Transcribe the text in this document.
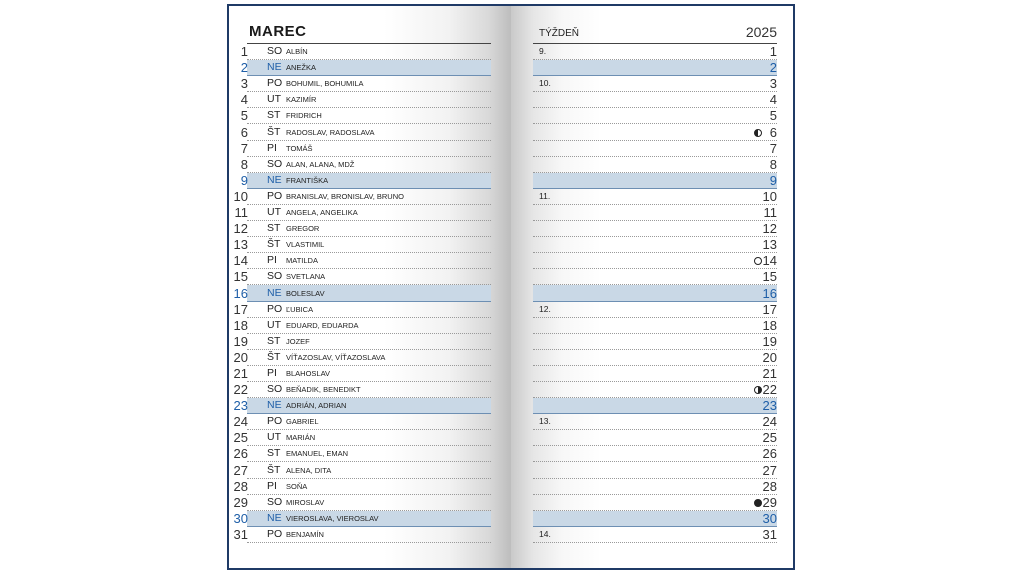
MAREC
1 SO ALBÍN
2 NE ANEŽKA
3 PO BOHUMIL, BOHUMILA
4 UT KAZIMÍR
5 ST FRIDRICH
6 ŠT RADOSLAV, RADOSLAVA
7 PI TOMÁŠ
8 SO ALAN, ALANA, MDŽ
9 NE FRANTIŠKA
10 PO BRANISLAV, BRONISLAV, BRUNO
11 UT ANGELA, ANGELIKA
12 ST GREGOR
13 ŠT VLASTIMIL
14 PI MATILDA
15 SO SVETLANA
16 NE BOLESLAV
17 PO ĽUBICA
18 UT EDUARD, EDUARDA
19 ST JOZEF
20 ŠT VÍŤAZOSLAV, VÍŤAZOSLAVA
21 PI BLAHOSLAV
22 SO BEŇADIK, BENEDIKT
23 NE ADRIÁN, ADRIAN
24 PO GABRIEL
25 UT MARIÁN
26 ST EMANUEL, EMAN
27 ŠT ALENA, DITA
28 PI SOŇA
29 SO MIROSLAV
30 NE VIEROSLAVA, VIEROSLAV
31 PO BENJAMÍN
TÝŽDEŇ	2025
9.	1
2
10.	3
4
5
6
7
8
9
11.	10
11
12
13
14
15
16
12.	17
18
19
20
21
22
23
13.	24
25
26
27
28
29
30
14.	31
